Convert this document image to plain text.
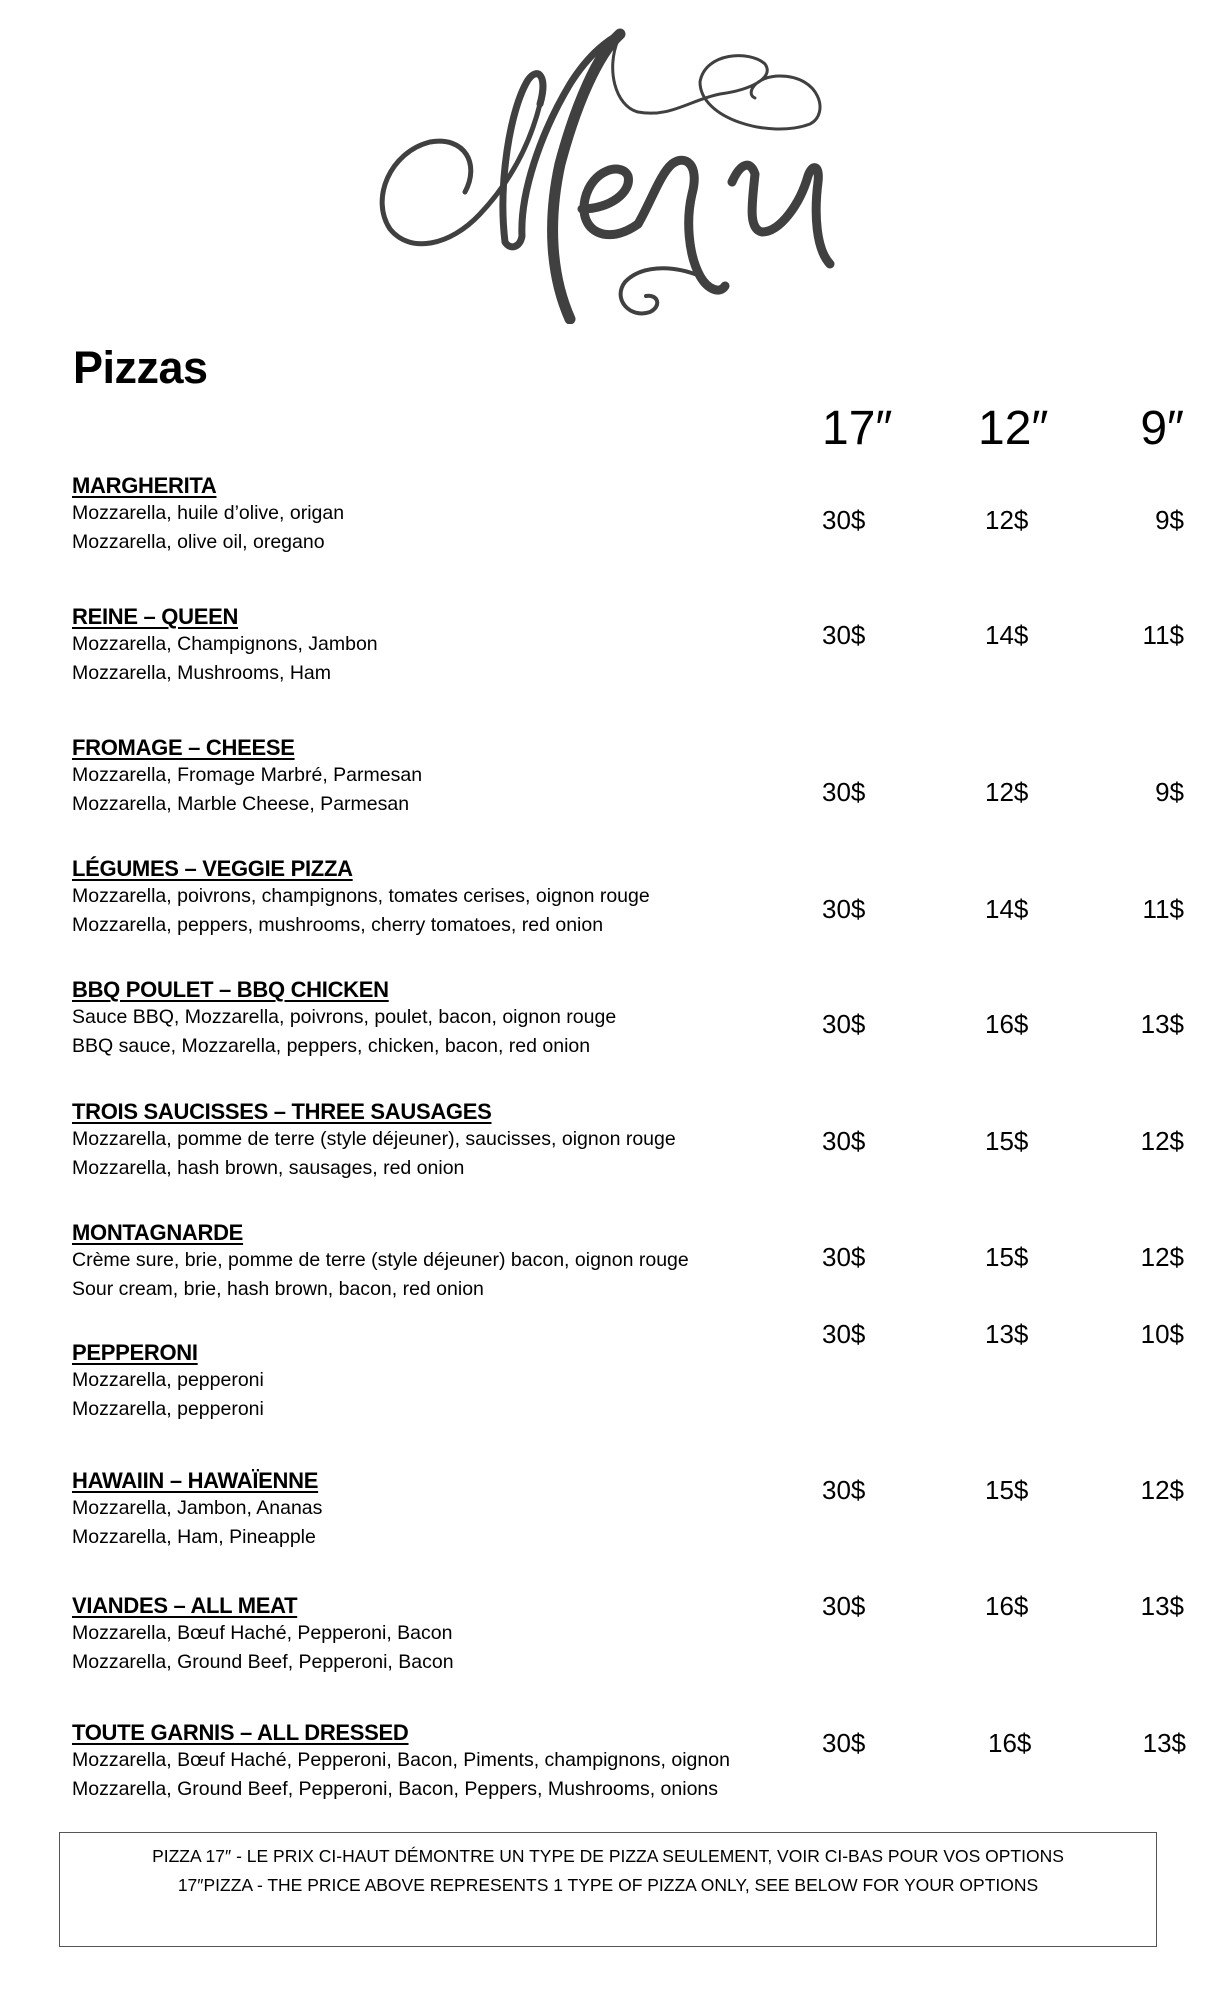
Pizzas
17″ 12″ 9″
MARGHERITA
Mozzarella, huile d’olive, origan
Mozzarella, olive oil, oregano
30$	12$	9$
REINE – QUEEN
Mozzarella, Champignons, Jambon
Mozzarella, Mushrooms, Ham
30$	14$	11$
FROMAGE – CHEESE
Mozzarella, Fromage Marbré, Parmesan
Mozzarella, Marble Cheese, Parmesan	30$	12$	9$
LÉGUMES – VEGGIE PIZZA
Mozzarella, poivrons, champignons, tomates cerises, oignon rouge
Mozzarella, peppers, mushrooms, cherry tomatoes, red onion
30$	14$	11$
BBQ POULET – BBQ CHICKEN
Sauce BBQ, Mozzarella, poivrons, poulet, bacon, oignon rouge
BBQ sauce, Mozzarella, peppers, chicken, bacon, red onion
30$	16$	13$
TROIS SAUCISSES – THREE SAUSAGES
Mozzarella, pomme de terre (style déjeuner), saucisses, oignon rouge
Mozzarella, hash brown, sausages, red onion
30$	15$	12$
MONTAGNARDE
Crème sure, brie, pomme de terre (style déjeuner) bacon, oignon rouge
Sour cream, brie, hash brown, bacon, red onion
30$	15$	12$
PEPPERONI
Mozzarella, pepperoni
Mozzarella, pepperoni
30$	13$	10$
HAWAIIN – HAWAÏENNE
Mozzarella, Jambon, Ananas
Mozzarella, Ham, Pineapple
30$	15$	12$
VIANDES – ALL MEAT
Mozzarella, Bœuf Haché, Pepperoni, Bacon
Mozzarella, Ground Beef, Pepperoni, Bacon
30$	16$	13$
TOUTE GARNIS – ALL DRESSED
Mozzarella, Bœuf Haché, Pepperoni, Bacon, Piments, champignons, oignon
Mozzarella, Ground Beef, Pepperoni, Bacon, Peppers, Mushrooms, onions
30$	16$	13$
PIZZA 17″ - LE PRIX CI-HAUT DÉMONTRE UN TYPE DE PIZZA SEULEMENT, VOIR CI-BAS POUR VOS OPTIONS
17″PIZZA - THE PRICE ABOVE REPRESENTS 1 TYPE OF PIZZA ONLY, SEE BELOW FOR YOUR OPTIONS
